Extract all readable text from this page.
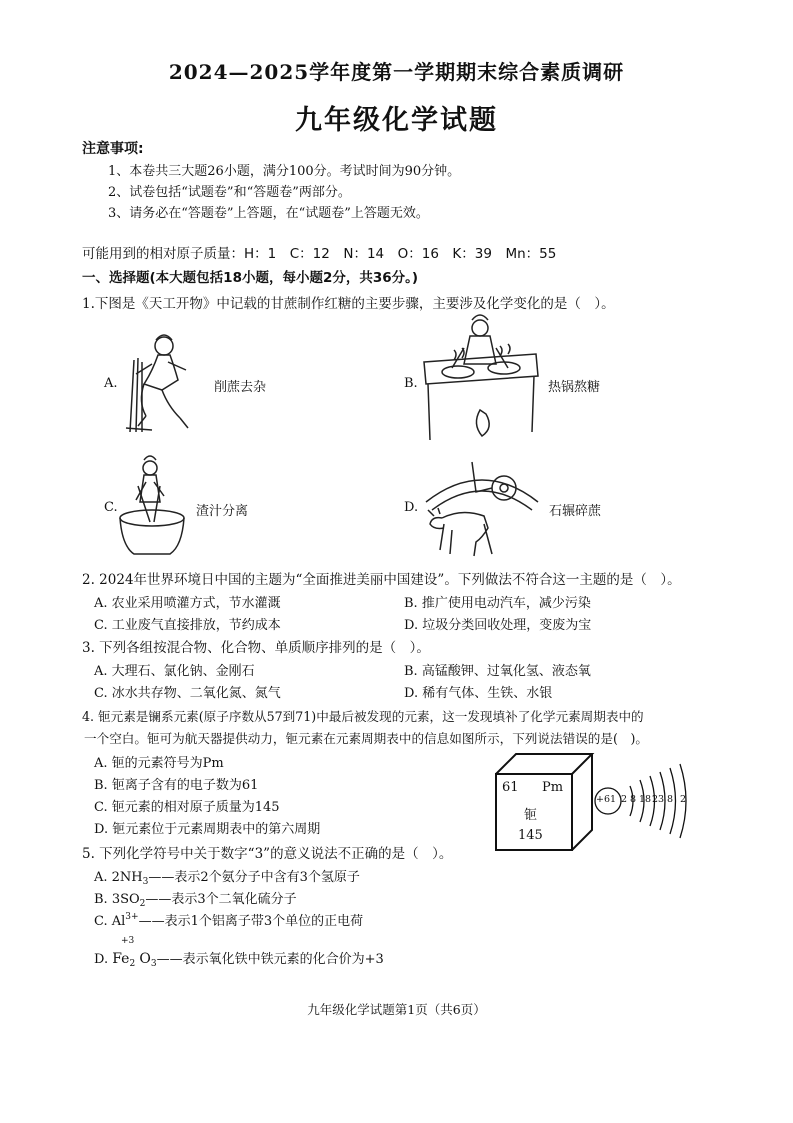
2024—2025学年度第一学期期末综合素质调研
九年级化学试题
注意事项:
1、本卷共三大题26小题，满分100分。考试时间为90分钟。
2、试卷包括“试题卷”和“答题卷”两部分。
3、请务必在“答题卷”上答题，在“试题卷”上答题无效。
可能用到的相对原子质量：H：1　C：12　N：14　O：16　K：39　Mn：55
一、选择题(本大题包括18小题，每小题2分，共36分。)
1.下图是《天工开物》中记载的甘蔗制作红糖的主要步骤，主要涉及化学变化的是（　）。
A.	削蔗去杂	B.	热锅熬糖
C.	渣汁分离	D.	石辗碎蔗
2. 2024年世界环境日中国的主题为“全面推进美丽中国建设”。下列做法不符合这一主题的是（　）。
A. 农业采用喷灌方式，节水灌溉	B. 推广使用电动汽车，减少污染
C. 工业废气直接排放，节约成本	D. 垃圾分类回收处理，变废为宝
3. 下列各组按混合物、化合物、单质顺序排列的是（　）。
A. 大理石、氯化钠、金刚石	B. 高锰酸钾、过氧化氢、液态氧
C. 冰水共存物、二氧化氮、氮气	D. 稀有气体、生铁、水银
4. 钷元素是镧系元素(原子序数从57到71)中最后被发现的元素，这一发现填补了化学元素周期表中的
一个空白。钷可为航天器提供动力，钷元素在元素周期表中的信息如图所示，下列说法错误的是(　)。
A. 钷的元素符号为Pm
B. 钷离子含有的电子数为61
C. 钷元素的相对原子质量为145
D. 钷元素位于元素周期表中的第六周期
61 Pm
钷
145
+61 2 8 18 23 8 2
5. 下列化学符号中关于数字“3”的意义说法不正确的是（　）。
A. $2NH_3——$表示2个氨分子中含有3个氢原子
B. $3SO_2——$表示3个二氧化硫分子
C. $Al^{3+}——$表示1个铝离子带3个单位的正电荷
+3
D. $Fe_2$ $O_3——$表示氧化铁中铁元素的化合价为+3
九年级化学试题第1页（共6页）
